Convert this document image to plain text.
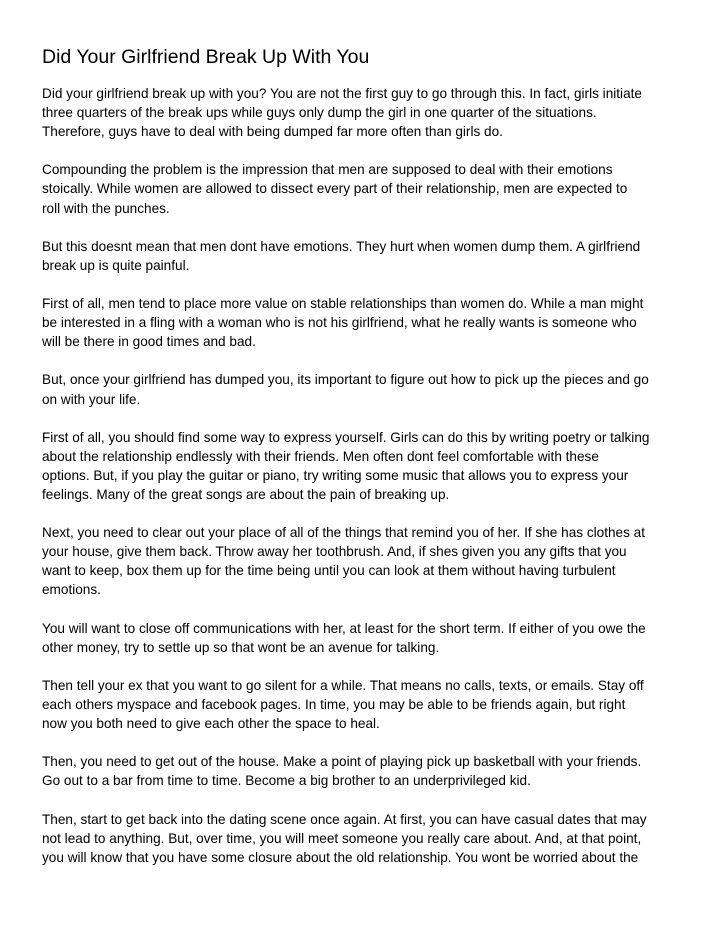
Did Your Girlfriend Break Up With You

Did your girlfriend break up with you? You are not the first guy to go through this. In fact, girls initiate
three quarters of the break ups while guys only dump the girl in one quarter of the situations.
Therefore, guys have to deal with being dumped far more often than girls do.

Compounding the problem is the impression that men are supposed to deal with their emotions
stoically. While women are allowed to dissect every part of their relationship, men are expected to
roll with the punches.

But this doesnt mean that men dont have emotions. They hurt when women dump them. A girlfriend
break up is quite painful.

First of all, men tend to place more value on stable relationships than women do. While a man might
be interested in a fling with a woman who is not his girlfriend, what he really wants is someone who
will be there in good times and bad.

But, once your girlfriend has dumped you, its important to figure out how to pick up the pieces and go
on with your life.

First of all, you should find some way to express yourself. Girls can do this by writing poetry or talking
about the relationship endlessly with their friends. Men often dont feel comfortable with these
options. But, if you play the guitar or piano, try writing some music that allows you to express your
feelings. Many of the great songs are about the pain of breaking up.

Next, you need to clear out your place of all of the things that remind you of her. If she has clothes at
your house, give them back. Throw away her toothbrush. And, if shes given you any gifts that you
want to keep, box them up for the time being until you can look at them without having turbulent
emotions.

You will want to close off communications with her, at least for the short term. If either of you owe the
other money, try to settle up so that wont be an avenue for talking.

Then tell your ex that you want to go silent for a while. That means no calls, texts, or emails. Stay off
each others myspace and facebook pages. In time, you may be able to be friends again, but right
now you both need to give each other the space to heal.

Then, you need to get out of the house. Make a point of playing pick up basketball with your friends.
Go out to a bar from time to time. Become a big brother to an underprivileged kid.

Then, start to get back into the dating scene once again. At first, you can have casual dates that may
not lead to anything. But, over time, you will meet someone you really care about. And, at that point,
you will know that you have some closure about the old relationship. You wont be worried about the
